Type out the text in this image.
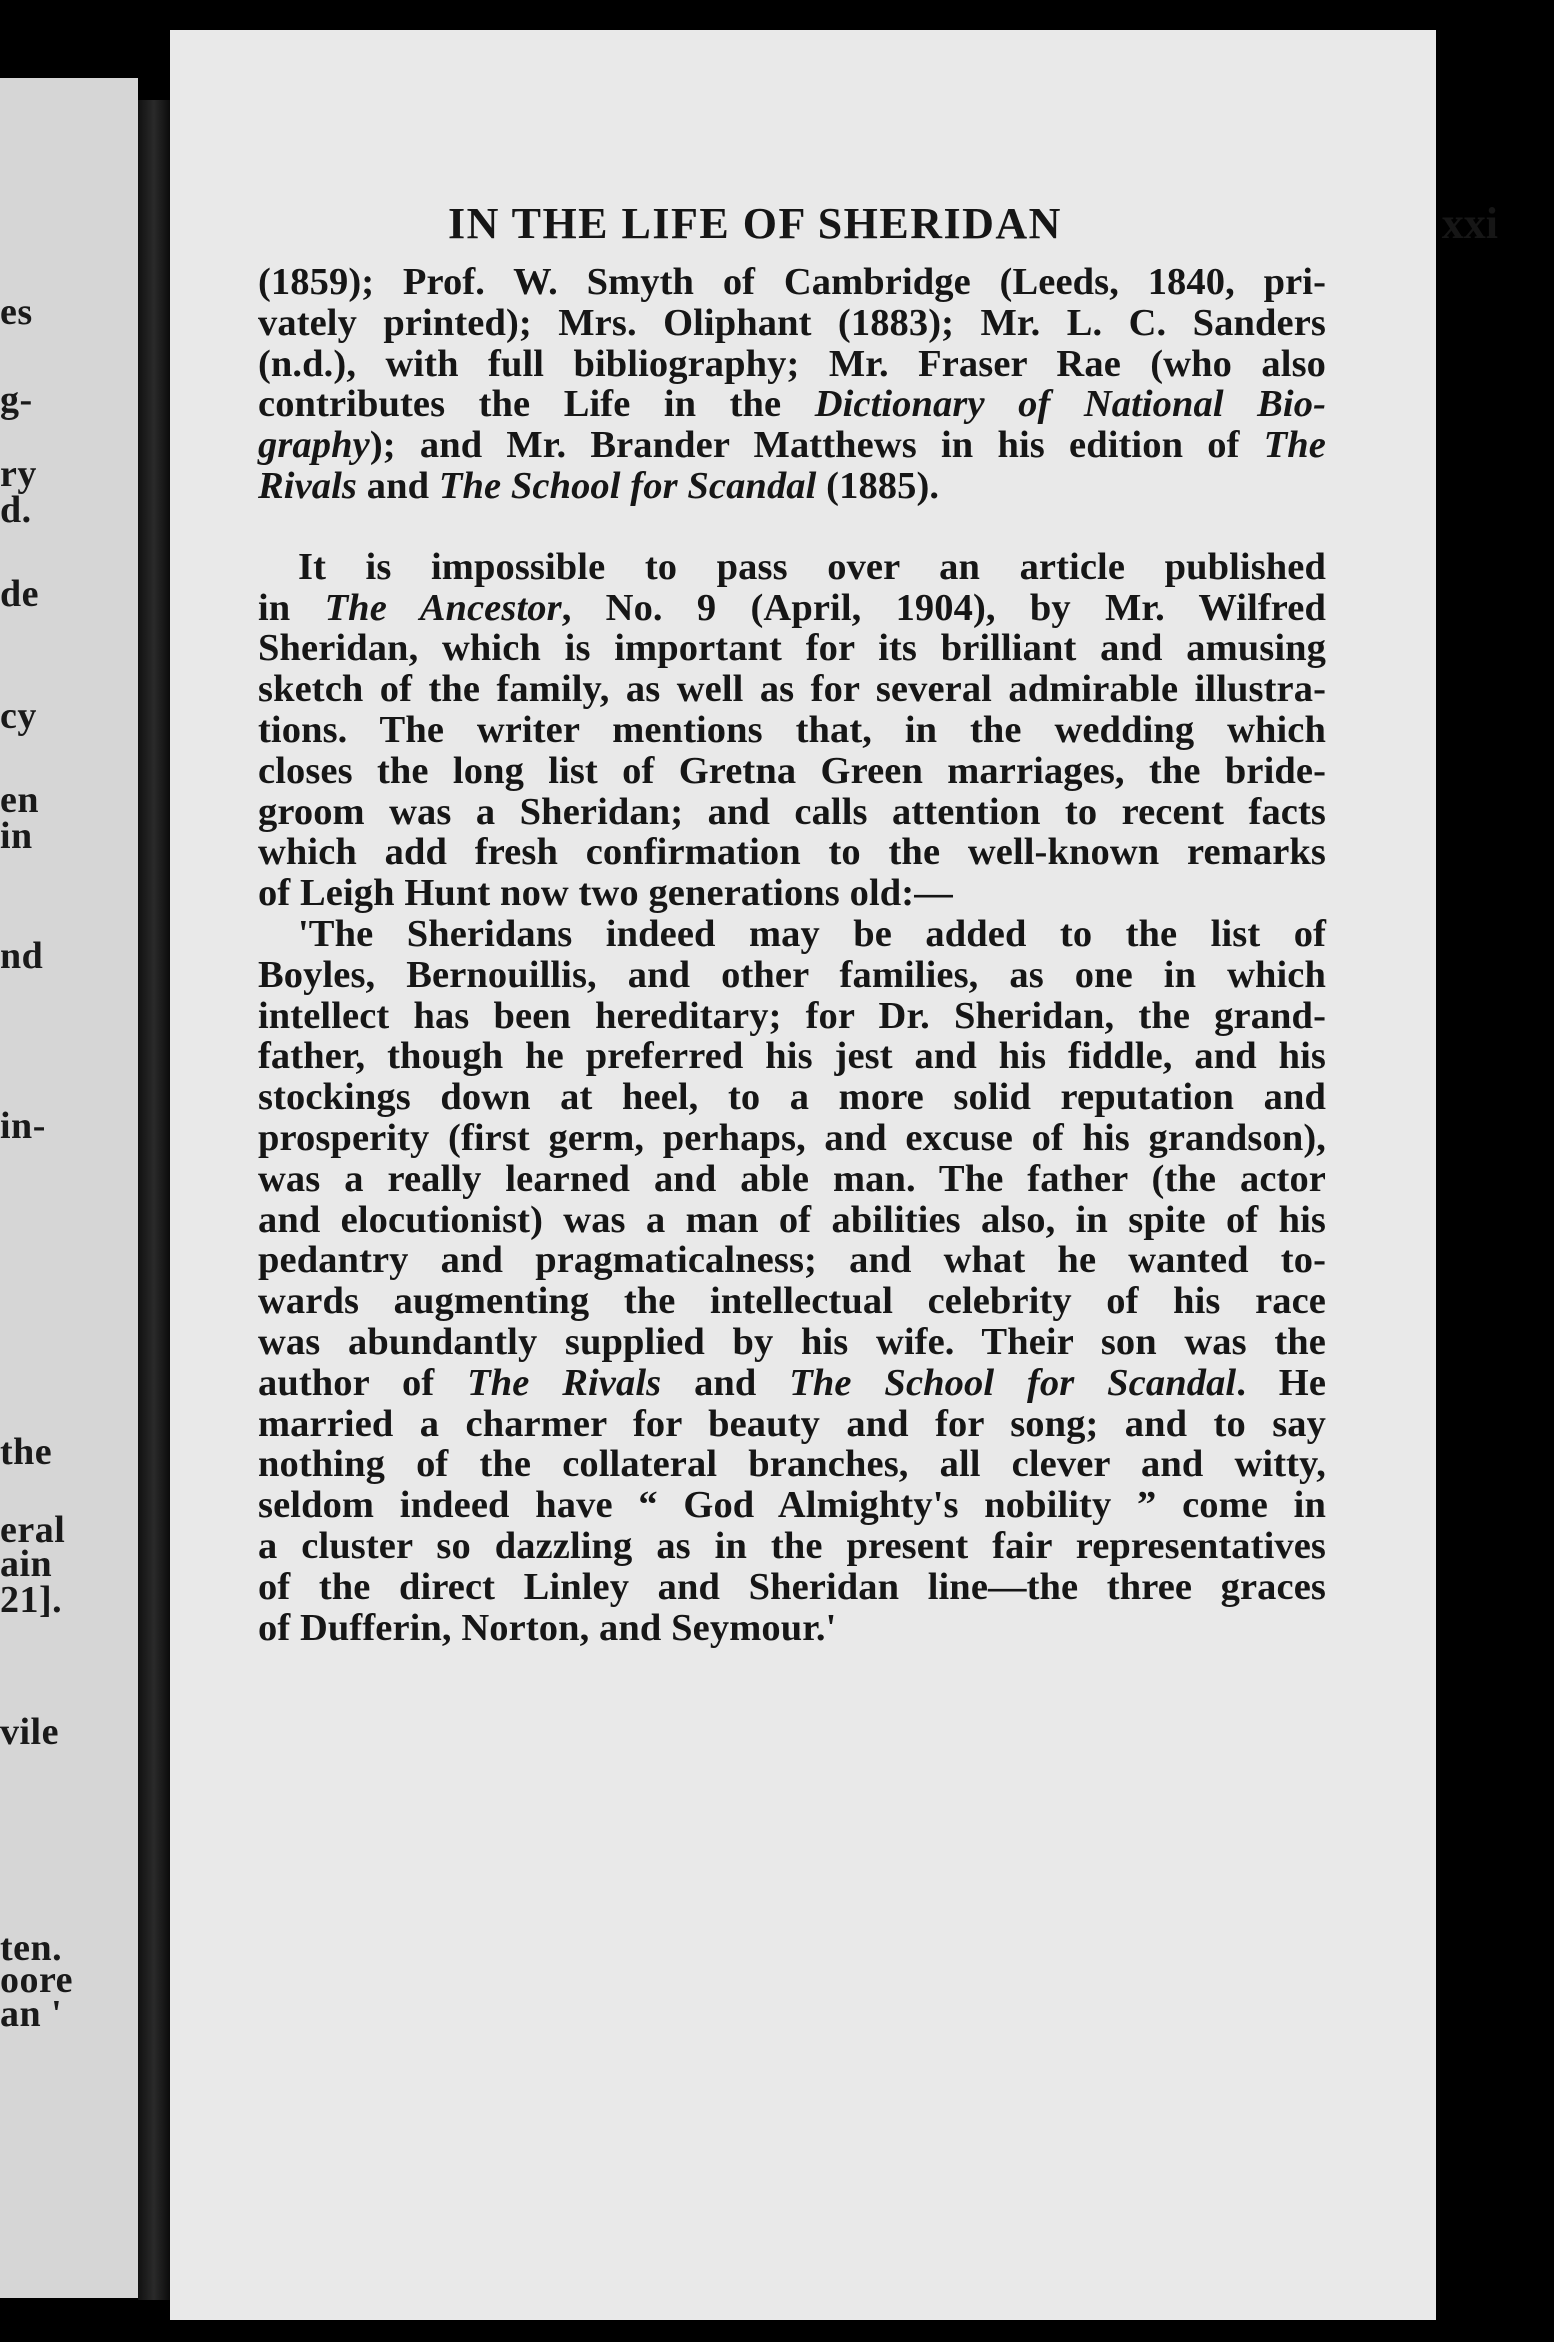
es
g-
ry
d.
de
cy
en
in
nd
in-
the
eral
ain
21].
vile
ten.
oore
an '
IN THE LIFE OF SHERIDAN	xxi
(1859); Prof. W. Smyth of Cambridge (Leeds, 1840, pri-
vately printed); Mrs. Oliphant (1883); Mr. L. C. Sanders
(n.d.), with full bibliography; Mr. Fraser Rae (who also
contributes the Life in the Dictionary of National Bio-
graphy); and Mr. Brander Matthews in his edition of The
Rivals and The School for Scandal (1885).
It is impossible to pass over an article published
in The Ancestor, No. 9 (April, 1904), by Mr. Wilfred
Sheridan, which is important for its brilliant and amusing
sketch of the family, as well as for several admirable illustra-
tions. The writer mentions that, in the wedding which
closes the long list of Gretna Green marriages, the bride-
groom was a Sheridan; and calls attention to recent facts
which add fresh confirmation to the well-known remarks
of Leigh Hunt now two generations old:—
'The Sheridans indeed may be added to the list of
Boyles, Bernouillis, and other families, as one in which
intellect has been hereditary; for Dr. Sheridan, the grand-
father, though he preferred his jest and his fiddle, and his
stockings down at heel, to a more solid reputation and
prosperity (first germ, perhaps, and excuse of his grandson),
was a really learned and able man. The father (the actor
and elocutionist) was a man of abilities also, in spite of his
pedantry and pragmaticalness; and what he wanted to-
wards augmenting the intellectual celebrity of his race
was abundantly supplied by his wife. Their son was the
author of The Rivals and The School for Scandal. He
married a charmer for beauty and for song; and to say
nothing of the collateral branches, all clever and witty,
seldom indeed have “ God Almighty's nobility ” come in
a cluster so dazzling as in the present fair representatives
of the direct Linley and Sheridan line—the three graces
of Dufferin, Norton, and Seymour.'
